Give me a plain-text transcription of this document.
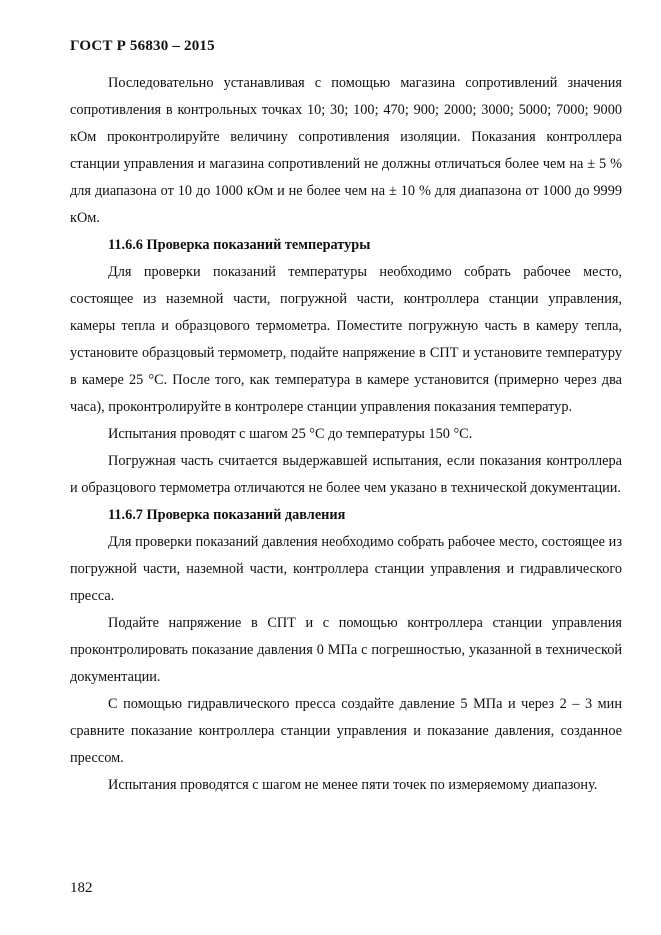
ГОСТ Р 56830 – 2015

Последовательно устанавливая с помощью магазина сопротивлений значения сопротивления в контрольных точках 10; 30; 100; 470; 900; 2000; 3000; 5000; 7000; 9000 кОм проконтролируйте величину сопротивления изоляции. Показания контроллера станции управления и магазина сопротивлений не должны отличаться более чем на ± 5 % для диапазона от 10 до 1000 кОм и не более чем на ± 10 % для диапазона от 1000 до 9999 кОм.

11.6.6 Проверка показаний температуры

Для проверки показаний температуры необходимо собрать рабочее место, состоящее из наземной части, погружной части, контроллера станции управления, камеры тепла и образцового термометра. Поместите погружную часть в камеру тепла, установите образцовый термометр, подайте напряжение в СПТ и установите температуру в камере 25 °С. После того, как температура в камере установится (примерно через два часа), проконтролируйте в контролере станции управления показания температур.

Испытания проводят с шагом 25 °С до температуры 150 °С.

Погружная часть считается выдержавшей испытания, если показания контроллера и образцового термометра отличаются не более чем указано в технической документации.

11.6.7 Проверка показаний давления

Для проверки показаний давления необходимо собрать рабочее место, состоящее из погружной части, наземной части, контроллера станции управления и гидравлического пресса.

Подайте напряжение в СПТ и с помощью контроллера станции управления проконтролировать показание давления 0 МПа с погрешностью, указанной в технической документации.

С помощью гидравлического пресса создайте давление 5 МПа и через 2 – 3 мин сравните показание контроллера станции управления и показание давления, созданное прессом.

Испытания проводятся с шагом не менее пяти точек по измеряемому диапазону.

182
